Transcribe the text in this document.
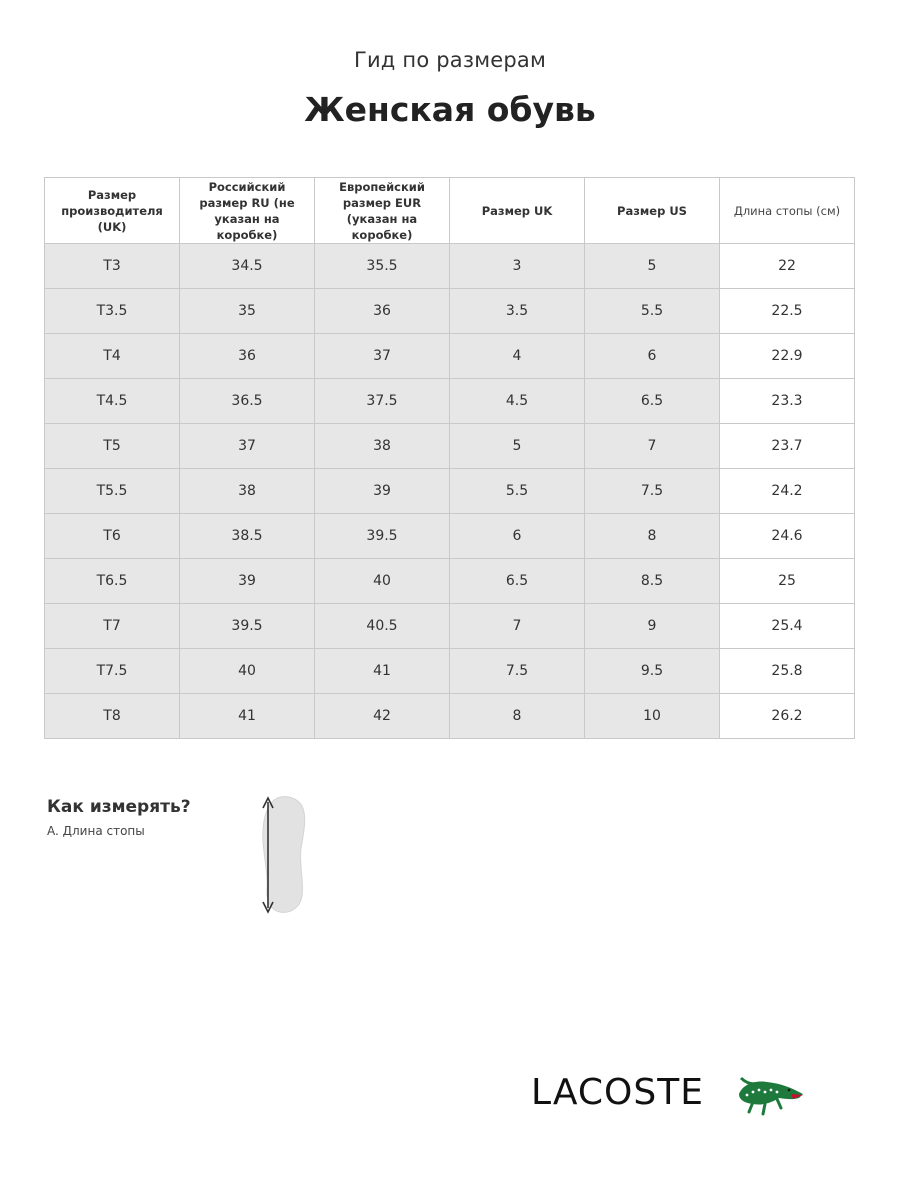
Гид по размерам
Женская обувь
Размер производителя (UK)	Российский размер RU (не указан на коробке)	Европейский размер EUR (указан на коробке)	Размер UK	Размер US	Длина стопы (см)
T3	34.5	35.5	3	5	22
T3.5	35	36	3.5	5.5	22.5
T4	36	37	4	6	22.9
T4.5	36.5	37.5	4.5	6.5	23.3
T5	37	38	5	7	23.7
T5.5	38	39	5.5	7.5	24.2
T6	38.5	39.5	6	8	24.6
T6.5	39	40	6.5	8.5	25
T7	39.5	40.5	7	9	25.4
T7.5	40	41	7.5	9.5	25.8
T8	41	42	8	10	26.2
Как измерять?
A. Длина стопы
LACOSTE
